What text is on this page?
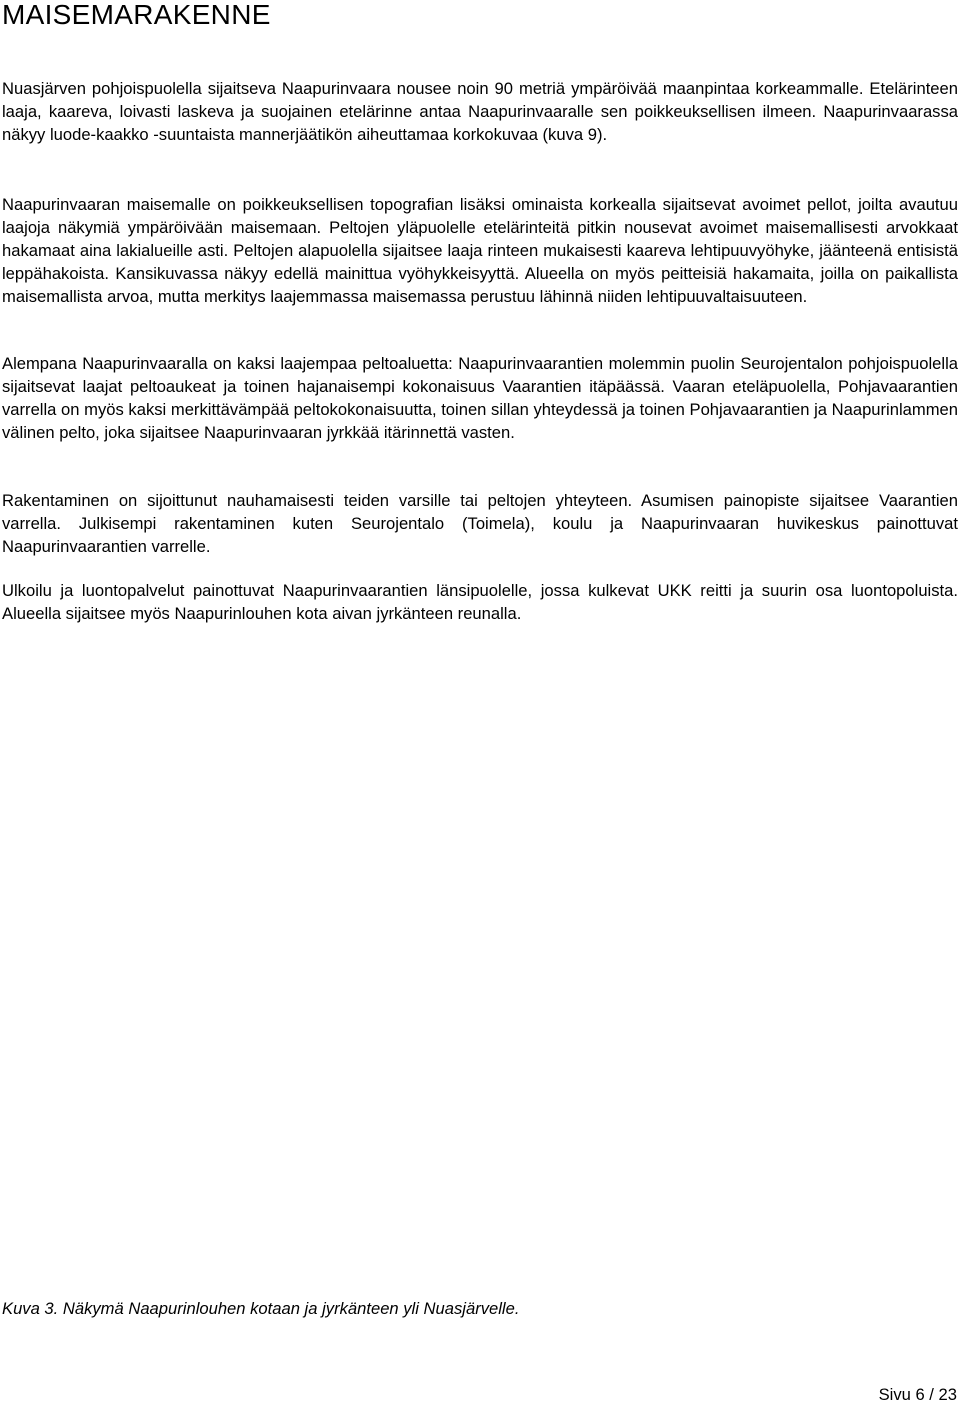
MAISEMARAKENNE

Nuasjärven pohjoispuolella sijaitseva Naapurinvaara nousee noin 90 metriä ympäröivää maanpintaa korkeammalle. Etelärinteen laaja, kaareva, loivasti laskeva ja suojainen etelärinne antaa Naapurinvaaralle sen poikkeuksellisen ilmeen. Naapurinvaarassa näkyy luode-kaakko -suuntaista mannerjäätikön aiheuttamaa korkokuvaa (kuva 9).

Naapurinvaaran maisemalle on poikkeuksellisen topografian lisäksi ominaista korkealla sijaitsevat avoimet pellot, joilta avautuu laajoja näkymiä ympäröivään maisemaan. Peltojen yläpuolelle etelärinteitä pitkin nousevat avoimet maisemallisesti arvokkaat hakamaat aina lakialueille asti. Peltojen alapuolella sijaitsee laaja rinteen mukaisesti kaareva lehtipuuvyöhyke, jäänteenä entisistä leppähakoista. Kansikuvassa näkyy edellä mainittua vyöhykkeisyyttä. Alueella on myös peitteisiä hakamaita, joilla on paikallista maisemallista arvoa, mutta merkitys laajemmassa maisemassa perustuu lähinnä niiden lehtipuuvaltaisuuteen.

Alempana Naapurinvaaralla on kaksi laajempaa peltoaluetta: Naapurinvaarantien molemmin puolin Seurojentalon pohjoispuolella sijaitsevat laajat peltoaukeat ja toinen hajanaisempi kokonaisuus Vaarantien itäpäässä. Vaaran eteläpuolella, Pohjavaarantien varrella on myös kaksi merkittävämpää peltokokonaisuutta, toinen sillan yhteydessä ja toinen Pohjavaarantien ja Naapurinlammen välinen pelto, joka sijaitsee Naapurinvaaran jyrkkää itärinnettä vasten.

Rakentaminen on sijoittunut nauhamaisesti teiden varsille tai peltojen yhteyteen. Asumisen painopiste sijaitsee Vaarantien varrella. Julkisempi rakentaminen kuten Seurojentalo (Toimela), koulu ja Naapurinvaaran huvikeskus painottuvat Naapurinvaarantien varrelle.

Ulkoilu ja luontopalvelut painottuvat Naapurinvaarantien länsipuolelle, jossa kulkevat UKK reitti ja suurin osa luontopoluista. Alueella sijaitsee myös Naapurinlouhen kota aivan jyrkänteen reunalla.

Kuva 3. Näkymä Naapurinlouhen kotaan ja jyrkänteen yli Nuasjärvelle.

Sivu 6 / 23
